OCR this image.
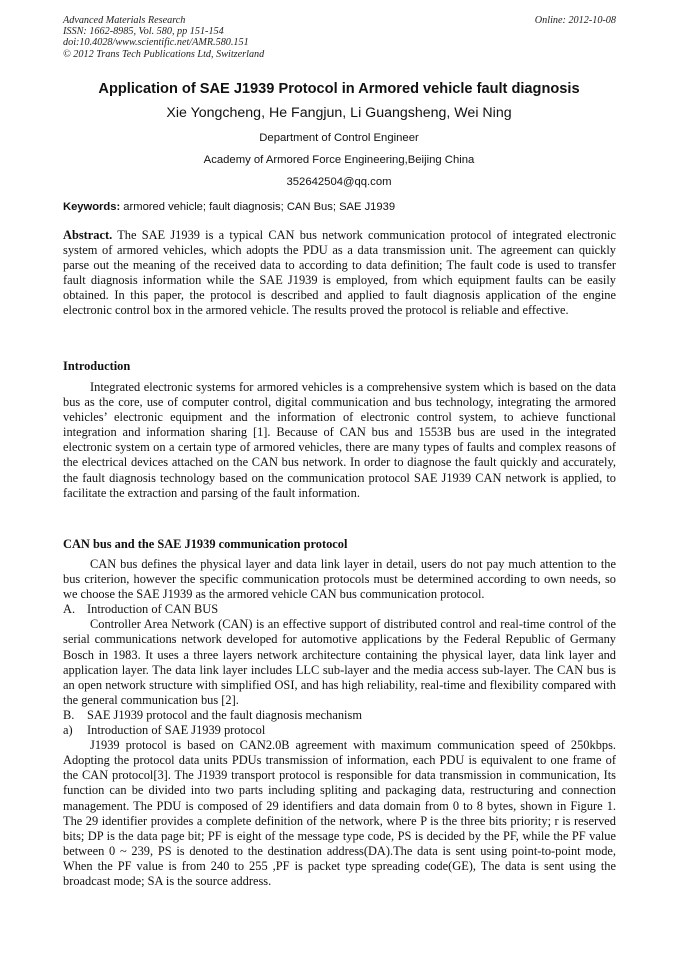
Advanced Materials Research
ISSN: 1662-8985, Vol. 580, pp 151-154
doi:10.4028/www.scientific.net/AMR.580.151
© 2012 Trans Tech Publications Ltd, Switzerland
Online: 2012-10-08
Application of SAE J1939 Protocol in Armored vehicle fault diagnosis
Xie Yongcheng, He Fangjun, Li Guangsheng, Wei Ning
Department of Control Engineer
Academy of Armored Force Engineering,Beijing China
352642504@qq.com
Keywords: armored vehicle; fault diagnosis; CAN Bus; SAE J1939

Abstract. The SAE J1939 is a typical CAN bus network communication protocol of integrated electronic system of armored vehicles, which adopts the PDU as a data transmission unit. The agreement can quickly parse out the meaning of the received data to according to data definition; The fault code is used to transfer fault diagnosis information while the SAE J1939 is employed, from which equipment faults can be easily obtained. In this paper, the protocol is described and applied to fault diagnosis application of the engine electronic control box in the armored vehicle. The results proved the protocol is reliable and effective.

Introduction

Integrated electronic systems for armored vehicles is a comprehensive system which is based on the data bus as the core, use of computer control, digital communication and bus technology, integrating the armored vehicles’ electronic equipment and the information of electronic control system, to achieve functional integration and information sharing [1]. Because of CAN bus and 1553B bus are used in the integrated electronic system on a certain type of armored vehicles, there are many types of faults and complex reasons of the electrical devices attached on the CAN bus network. In order to diagnose the fault quickly and accurately, the fault diagnosis technology based on the communication protocol SAE J1939 CAN network is applied, to facilitate the extraction and parsing of the fault information.

CAN bus and the SAE J1939 communication protocol

CAN bus defines the physical layer and data link layer in detail, users do not pay much attention to the bus criterion, however the specific communication protocols must be determined according to own needs, so we choose the SAE J1939 as the armored vehicle CAN bus communication protocol.

A. Introduction of CAN BUS

Controller Area Network (CAN) is an effective support of distributed control and real-time control of the serial communications network developed for automotive applications by the Federal Republic of Germany Bosch in 1983. It uses a three layers network architecture containing the physical layer, data link layer and application layer. The data link layer includes LLC sub-layer and the media access sub-layer. The CAN bus is an open network structure with simplified OSI, and has high reliability, real-time and flexibility compared with the general communication bus [2].

B.	SAE J1939 protocol and the fault diagnosis mechanism
a)	Introduction of SAE J1939 protocol

J1939 protocol is based on CAN2.0B agreement with maximum communication speed of 250kbps. Adopting the protocol data units PDUs transmission of information, each PDU is equivalent to one frame of the CAN protocol[3]. The J1939 transport protocol is responsible for data transmission in communication, Its function can be divided into two parts including spliting and packaging data, restructuring and connection management. The PDU is composed of 29 identifiers and data domain from 0 to 8 bytes, shown in Figure 1. The 29 identifier provides a complete definition of the network, where P is the three bits priority; r is reserved bits; DP is the data page bit; PF is eight of the message type code, PS is decided by the PF, while the PF value between 0 ~ 239, PS is denoted to the destination address(DA).The data is sent using point-to-point mode, When the PF value is from 240 to 255 ,PF is packet type spreading code(GE), The data is sent using the broadcast mode; SA is the source address.
